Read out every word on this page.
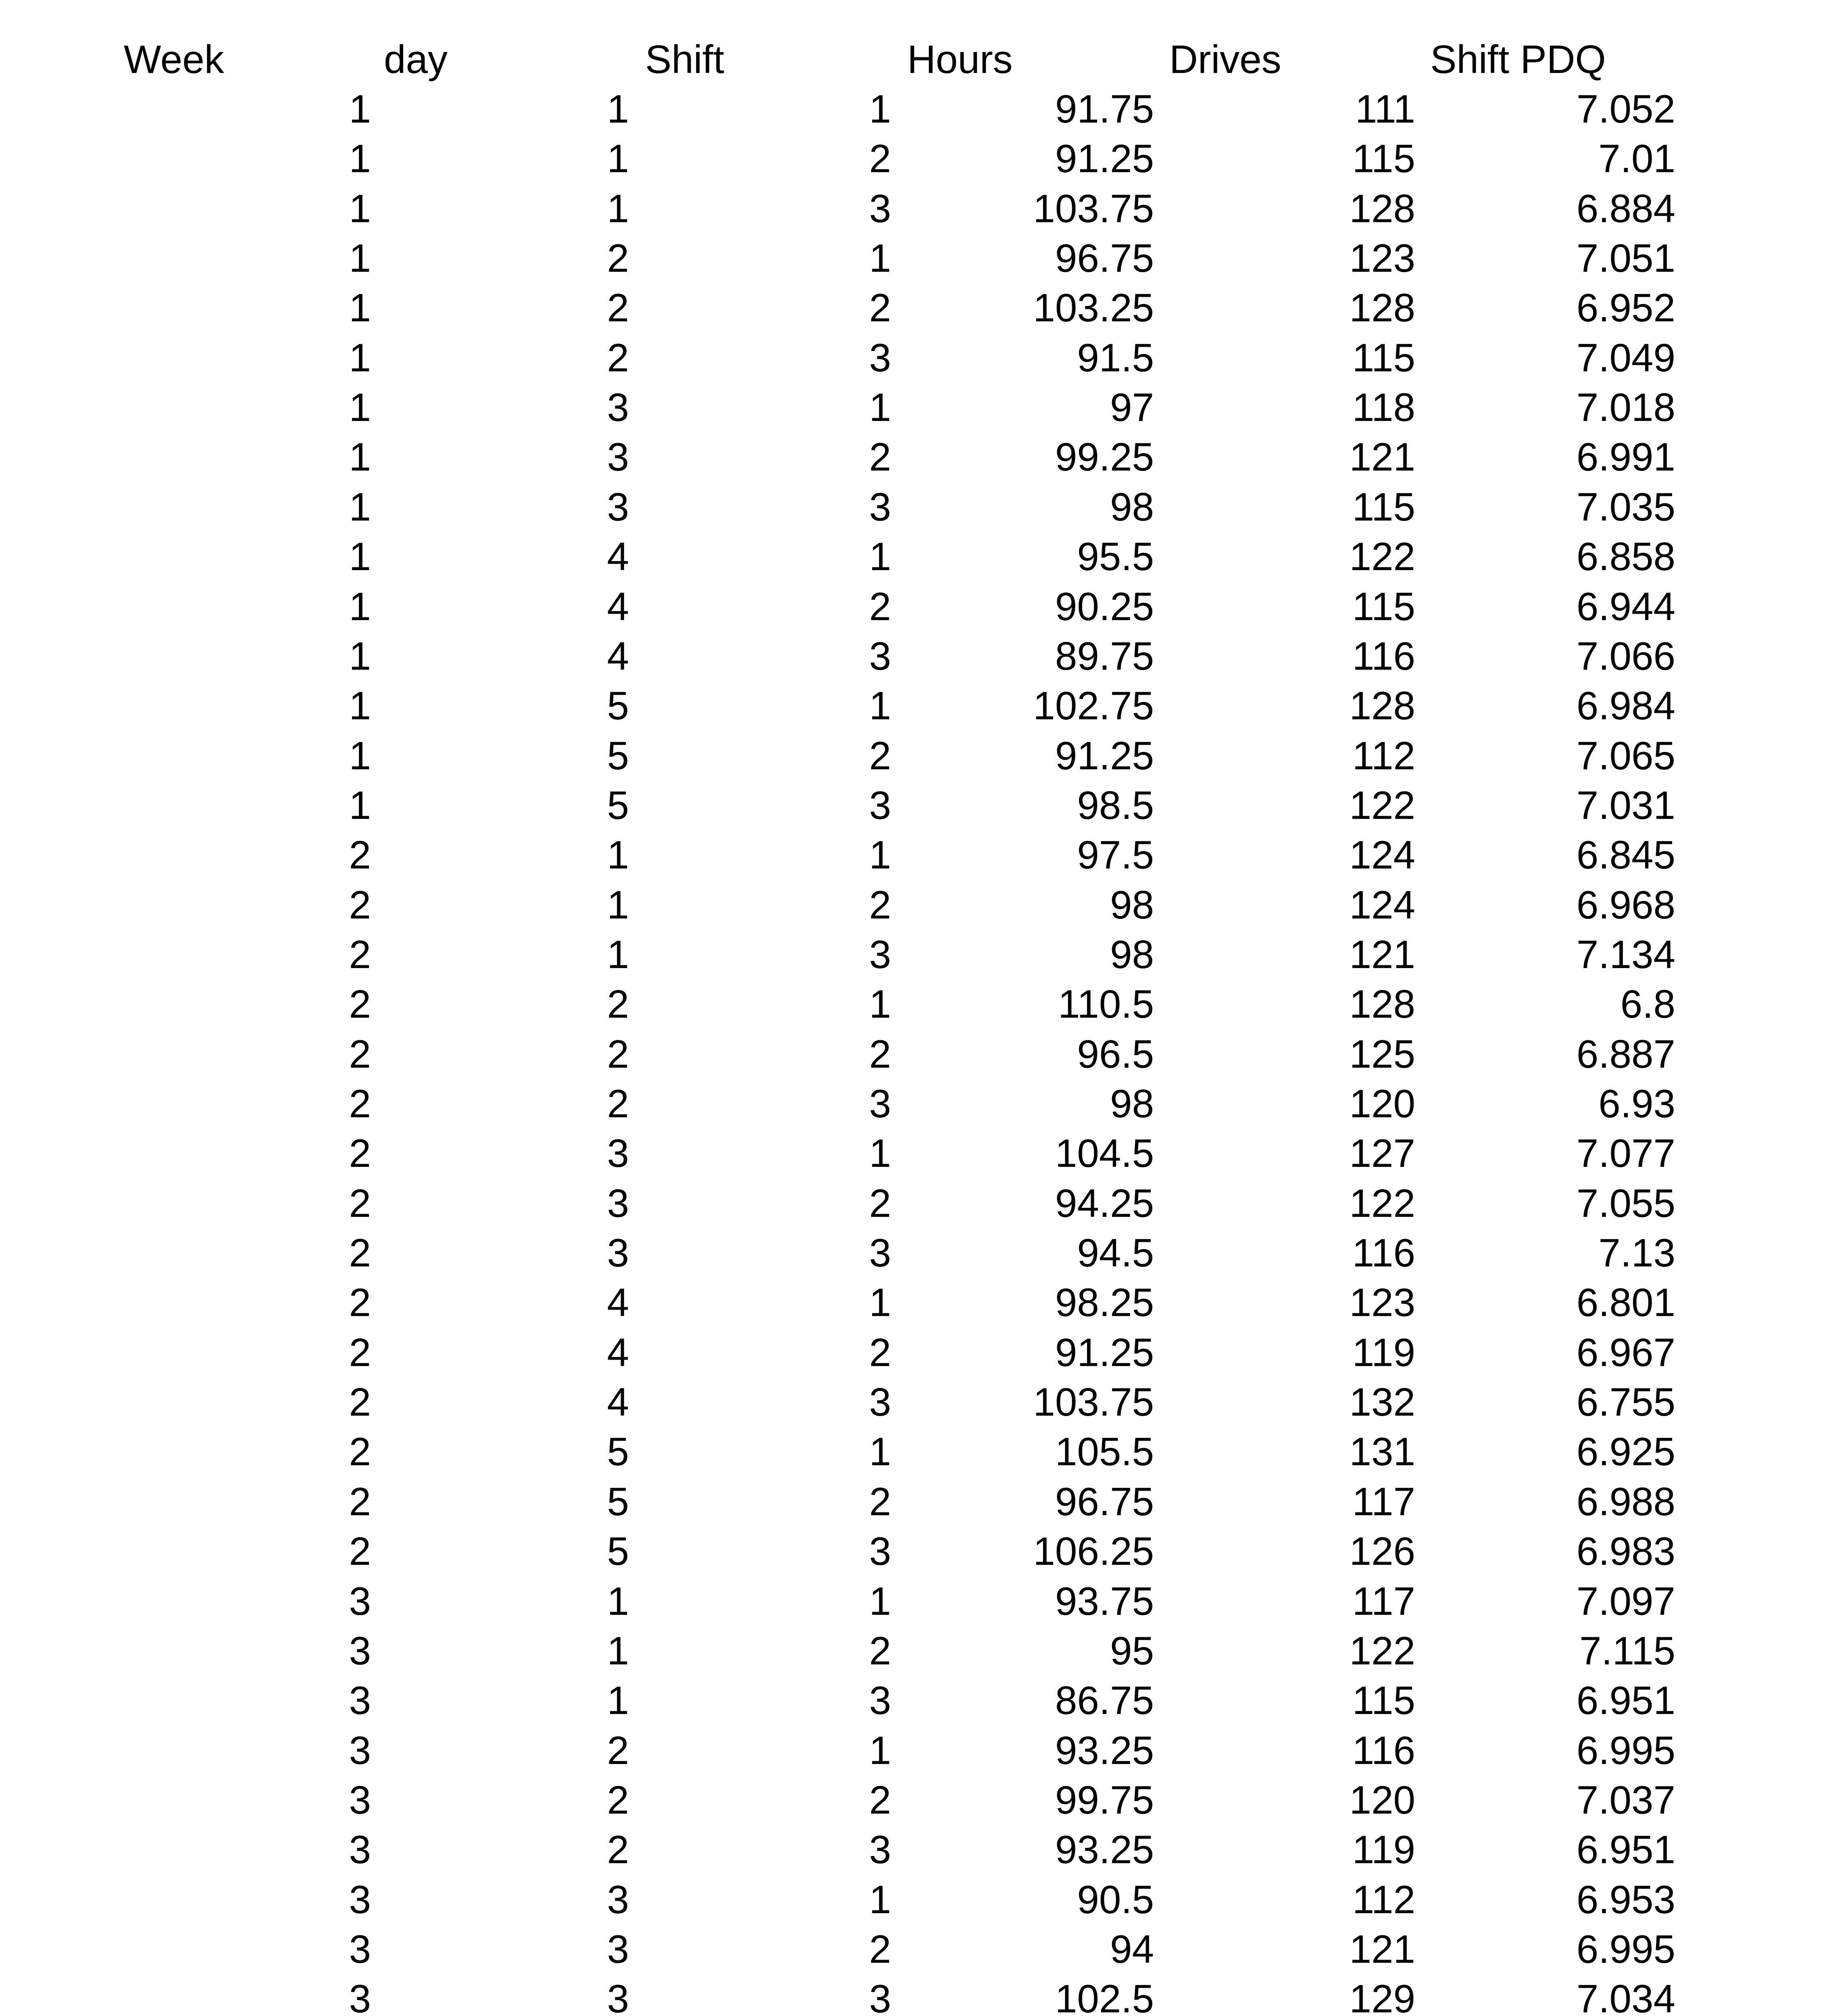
Week	day	Shift	Hours	Drives	Shift PDQ
1	1	1	91.75	111	7.052
1	1	2	91.25	115	7.01
1	1	3	103.75	128	6.884
1	2	1	96.75	123	7.051
1	2	2	103.25	128	6.952
1	2	3	91.5	115	7.049
1	3	1	97	118	7.018
1	3	2	99.25	121	6.991
1	3	3	98	115	7.035
1	4	1	95.5	122	6.858
1	4	2	90.25	115	6.944
1	4	3	89.75	116	7.066
1	5	1	102.75	128	6.984
1	5	2	91.25	112	7.065
1	5	3	98.5	122	7.031
2	1	1	97.5	124	6.845
2	1	2	98	124	6.968
2	1	3	98	121	7.134
2	2	1	110.5	128	6.8
2	2	2	96.5	125	6.887
2	2	3	98	120	6.93
2	3	1	104.5	127	7.077
2	3	2	94.25	122	7.055
2	3	3	94.5	116	7.13
2	4	1	98.25	123	6.801
2	4	2	91.25	119	6.967
2	4	3	103.75	132	6.755
2	5	1	105.5	131	6.925
2	5	2	96.75	117	6.988
2	5	3	106.25	126	6.983
3	1	1	93.75	117	7.097
3	1	2	95	122	7.115
3	1	3	86.75	115	6.951
3	2	1	93.25	116	6.995
3	2	2	99.75	120	7.037
3	2	3	93.25	119	6.951
3	3	1	90.5	112	6.953
3	3	2	94	121	6.995
3	3	3	102.5	129	7.034
